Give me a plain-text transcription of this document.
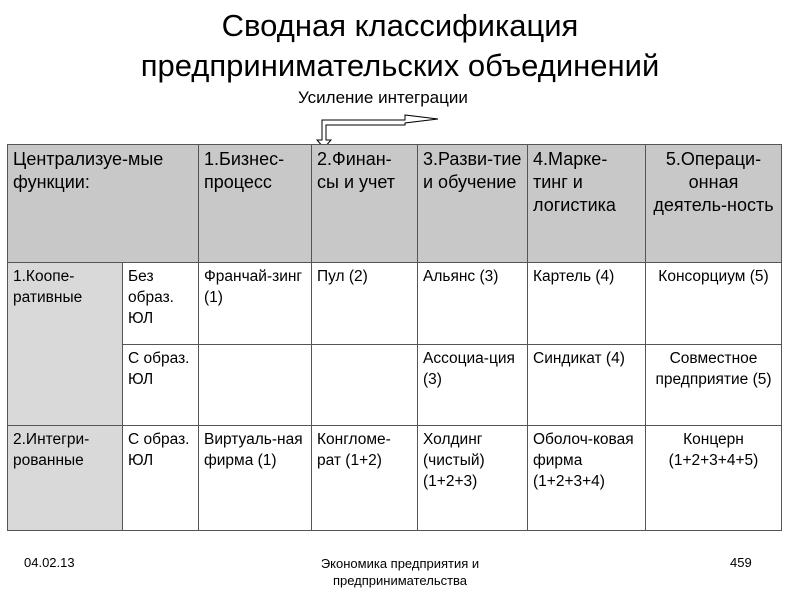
Сводная классификация
предпринимательских объединений
Усиление интеграции
Централизуе-мые функции:		1.Бизнес-процесс	2.Финан-сы и учет	3.Разви-тие и обучение	4.Марке-тинг и логистика	5.Операци-онная деятель-ность
1.Коопе-ративные	Без образ. ЮЛ	Франчай-зинг (1)	Пул (2)	Альянс (3)	Картель (4)	Консорциум (5)
	С образ. ЮЛ			Ассоциа-ция (3)	Синдикат (4)	Совместное предприятие (5)
2.Интегри-рованные	С образ. ЮЛ	Виртуаль-ная фирма (1)	Конгломе-рат (1+2)	Холдинг (чистый) (1+2+3)	Оболоч-ковая фирма (1+2+3+4)	Концерн (1+2+3+4+5)
04.02.13	Экономика предприятия и предпринимательства
459
